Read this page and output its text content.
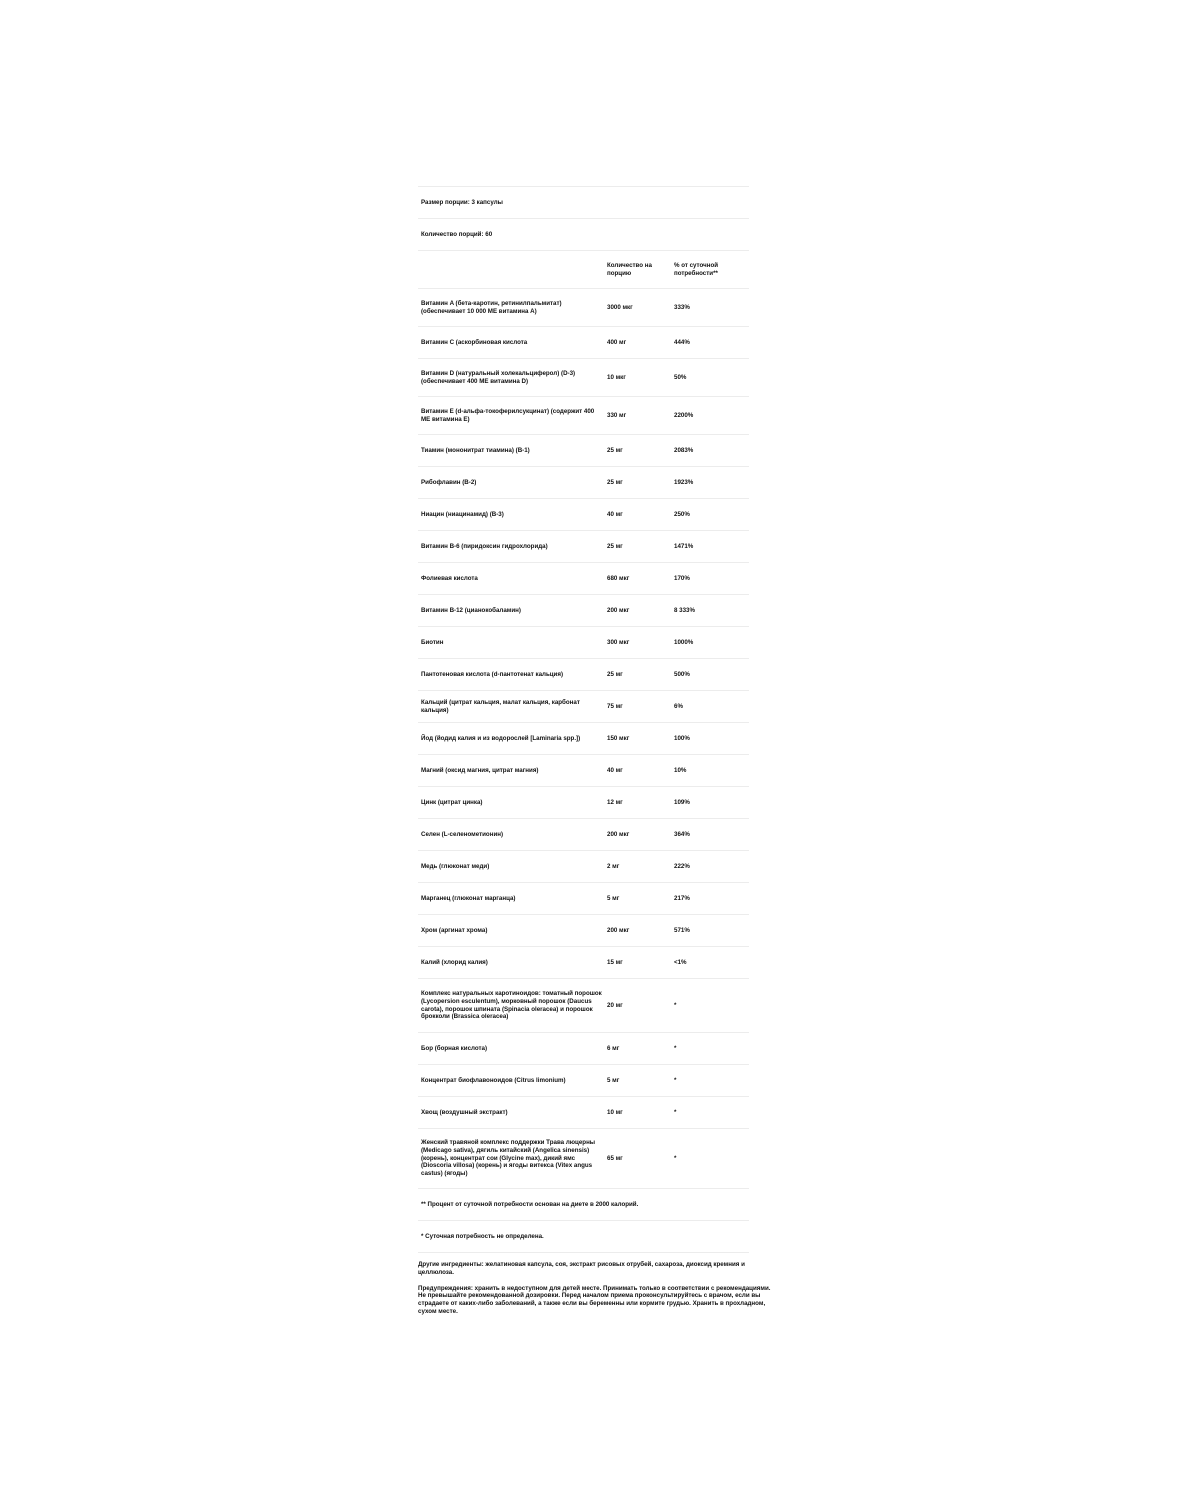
Размер порции: 3 капсулы		
Количество порций: 60		
	Количество на порцию	% от суточной потребности**
Витамин A (бета-каротин, ретинилпальмитат) (обеспечивает 10 000 МЕ витамина A)	3000 мкг	333%
Витамин C (аскорбиновая кислота	400 мг	444%
Витамин D (натуральный холекальциферол) (D-3) (обеспечивает 400 МЕ витамина D)	10 мкг	50%
Витамин E (d-альфа-токоферилсукцинат) (содержит 400 МЕ витамина E)	330 мг	2200%
Тиамин (мононитрат тиамина) (B-1)	25 мг	2083%
Рибофлавин (B-2)	25 мг	1923%
Ниацин (ниацинамид) (B-3)	40 мг	250%
Витамин B-6 (пиридоксин гидрохлорида)	25 мг	1471%
Фолиевая кислота	680 мкг	170%
Витамин B-12 (цианокобаламин)	200 мкг	8 333%
Биотин	300 мкг	1000%
Пантотеновая кислота (d-пантотенат кальция)	25 мг	500%
Кальций (цитрат кальция, малат кальция, карбонат кальция)	75 мг	6%
Йод (йодид калия и из водорослей [Laminaria spp.])	150 мкг	100%
Магний (оксид магния, цитрат магния)	40 мг	10%
Цинк (цитрат цинка)	12 мг	109%
Селен (L-селенометионин)	200 мкг	364%
Медь (глюконат меди)	2 мг	222%
Марганец (глюконат марганца)	5 мг	217%
Хром (аргинат хрома)	200 мкг	571%
Калий (хлорид калия)	15 мг	<1%
Комплекс натуральных каротиноидов: томатный порошок (Lycopersion esculentum), морковный порошок (Daucus carota), порошок шпината (Spinacia oleracea) и порошок брокколи (Brassica oleracea)	20 мг	*
Бор (борная кислота)	6 мг	*
Концентрат биофлавоноидов (Citrus limonium)	5 мг	*
Хвощ (воздушный экстракт)	10 мг	*
Женский травяной комплекс поддержки Трава люцерны (Medicago sativa), дягиль китайский (Angelica sinensis) (корень), концентрат сои (Glycine max), дикий ямс (Dioscoria villosa) (корень) и ягоды витекса (Vitex angus castus) (ягоды)	65 мг	*
** Процент от суточной потребности основан на диете в 2000 калорий.		
* Суточная потребность не определена.		

Другие ингредиенты: желатиновая капсула, соя, экстракт рисовых отрубей, сахароза, диоксид кремния и целлюлоза.

Предупреждения: хранить в недоступном для детей месте. Принимать только в соответствии с рекомендациями. Не превышайте рекомендованной дозировки. Перед началом приема проконсультируйтесь с врачом, если вы страдаете от каких-либо заболеваний, а также если вы беременны или кормите грудью. Хранить в прохладном, сухом месте.
